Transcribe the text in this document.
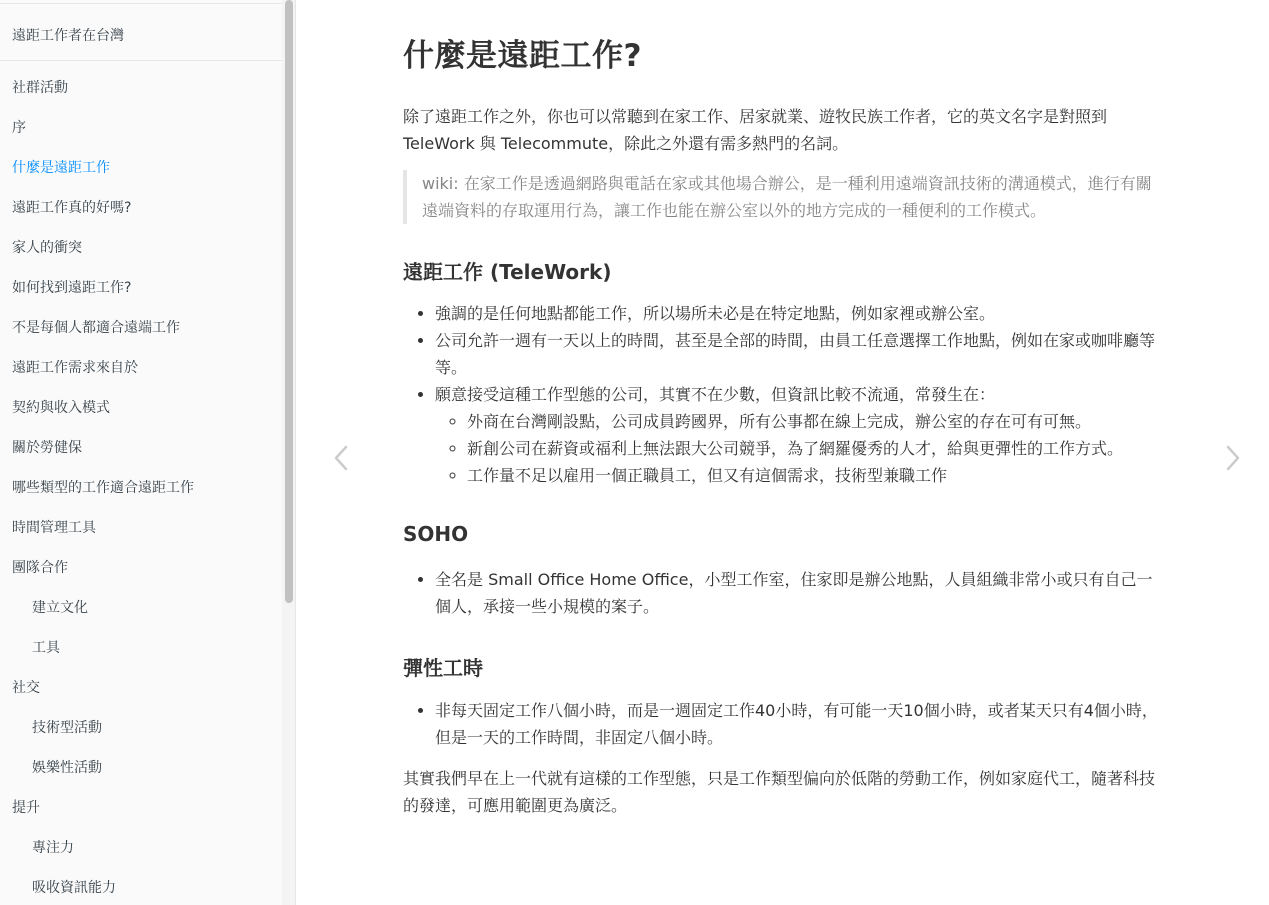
遠距工作者在台灣
社群活動
序
什麼是遠距工作
遠距工作真的好嗎?
家人的衝突
如何找到遠距工作?
不是每個人都適合遠端工作
遠距工作需求來自於
契約與收入模式
關於勞健保
哪些類型的工作適合遠距工作
時間管理工具
團隊合作
建立文化
工具
社交
技術型活動
娛樂性活動
提升
專注力
吸收資訊能力
什麼是遠距工作?

除了遠距工作之外，你也可以常聽到在家工作、居家就業、遊牧民族工作者，它的英文名字是對照到 TeleWork 與 Telecommute，除此之外還有需多熱門的名詞。

wiki: 在家工作是透過網路與電話在家或其他場合辦公，是一種利用遠端資訊技術的溝通模式，進行有關遠端資料的存取運用行為，讓工作也能在辦公室以外的地方完成的一種便利的工作模式。
遠距工作 (TeleWork)
• 強調的是任何地點都能工作，所以場所未必是在特定地點，例如家裡或辦公室。
• 公司允許一週有一天以上的時間，甚至是全部的時間，由員工任意選擇工作地點，例如在家或咖啡廳等等。
• 願意接受這種工作型態的公司，其實不在少數，但資訊比較不流通，常發生在：
◦ 外商在台灣剛設點，公司成員跨國界，所有公事都在線上完成，辦公室的存在可有可無。
◦ 新創公司在薪資或福利上無法跟大公司競爭，為了網羅優秀的人才，給與更彈性的工作方式。
◦ 工作量不足以雇用一個正職員工，但又有這個需求，技術型兼職工作
SOHO
• 全名是 Small Office Home Office，小型工作室，住家即是辦公地點，人員組織非常小或只有自己一個人，承接一些小規模的案子。
彈性工時
• 非每天固定工作八個小時，而是一週固定工作40小時，有可能一天10個小時，或者某天只有4個小時，但是一天的工作時間，非固定八個小時。

其實我們早在上一代就有這樣的工作型態，只是工作類型偏向於低階的勞動工作，例如家庭代工，隨著科技的發達，可應用範圍更為廣泛。
